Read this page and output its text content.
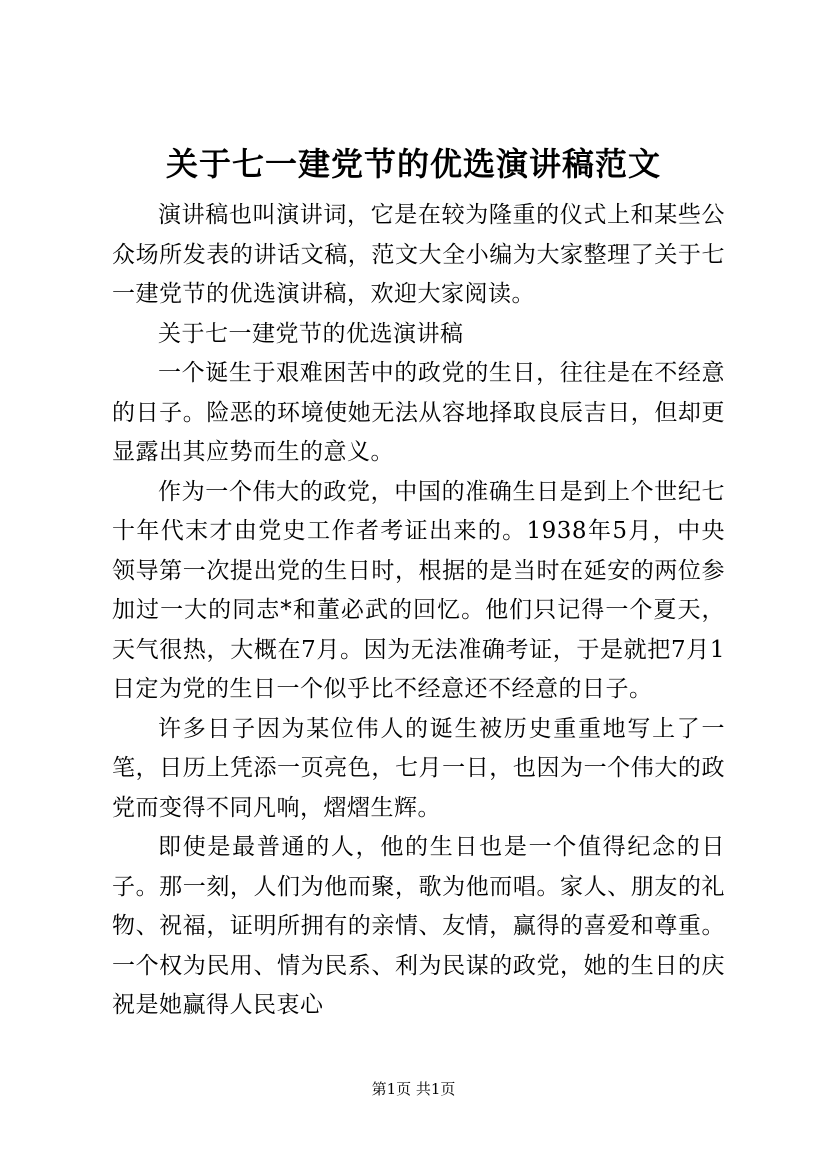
关于七一建党节的优选演讲稿范文

演讲稿也叫演讲词，它是在较为隆重的仪式上和某些公众场所发表的讲话文稿，范文大全小编为大家整理了关于七一建党节的优选演讲稿，欢迎大家阅读。

关于七一建党节的优选演讲稿

一个诞生于艰难困苦中的政党的生日，往往是在不经意的日子。险恶的环境使她无法从容地择取良辰吉日，但却更显露出其应势而生的意义。

作为一个伟大的政党，中国的准确生日是到上个世纪七十年代末才由党史工作者考证出来的。1938年5月，中央领导第一次提出党的生日时，根据的是当时在延安的两位参加过一大的同志*和董必武的回忆。他们只记得一个夏天，天气很热，大概在7月。因为无法准确考证，于是就把7月1日定为党的生日一个似乎比不经意还不经意的日子。

许多日子因为某位伟人的诞生被历史重重地写上了一笔，日历上凭添一页亮色，七月一日，也因为一个伟大的政党而变得不同凡响，熠熠生辉。

即使是最普通的人，他的生日也是一个值得纪念的日子。那一刻，人们为他而聚，歌为他而唱。家人、朋友的礼物、祝福，证明所拥有的亲情、友情，赢得的喜爱和尊重。一个权为民用、情为民系、利为民谋的政党，她的生日的庆祝是她赢得人民衷心

第1页 共1页
